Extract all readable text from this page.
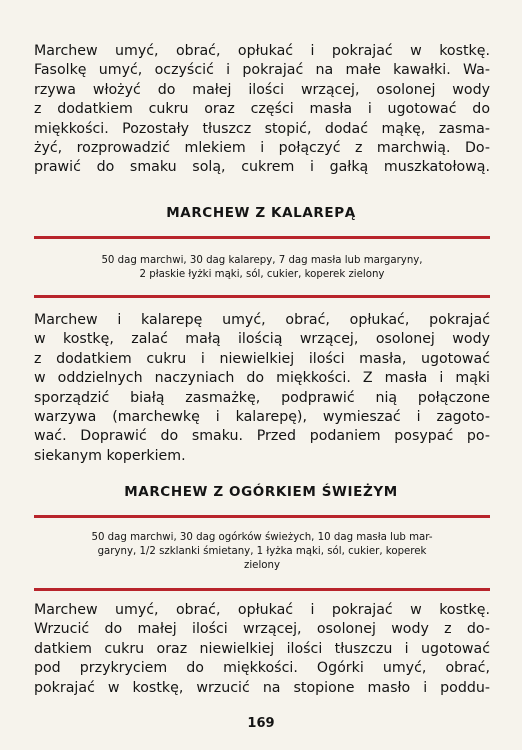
Marchew umyć, obrać, opłukać i pokrajać w kostkę.
Fasolkę umyć, oczyścić i pokrajać na małe kawałki. Wa-
rzywa włożyć do małej ilości wrzącej, osolonej wody
z dodatkiem cukru oraz części masła i ugotować do
miękkości. Pozostały tłuszcz stopić, dodać mąkę, zasma-
żyć, rozprowadzić mlekiem i połączyć z marchwią. Do-
prawić do smaku solą, cukrem i gałką muszkatołową.
MARCHEW Z KALAREPĄ
50 dag marchwi, 30 dag kalarepy, 7 dag masła lub margaryny,
2 płaskie łyżki mąki, sól, cukier, koperek zielony
Marchew i kalarepę umyć, obrać, opłukać, pokrajać
w kostkę, zalać małą ilością wrzącej, osolonej wody
z dodatkiem cukru i niewielkiej ilości masła, ugotować
w oddzielnych naczyniach do miękkości. Z masła i mąki
sporządzić białą zasmażkę, podprawić nią połączone
warzywa (marchewkę i kalarepę), wymieszać i zagoto-
wać. Doprawić do smaku. Przed podaniem posypać po-
siekanym koperkiem.
MARCHEW Z OGÓRKIEM ŚWIEŻYM
50 dag marchwi, 30 dag ogórków świeżych, 10 dag masła lub mar-
garyny, 1/2 szklanki śmietany, 1 łyżka mąki, sól, cukier, koperek
zielony
Marchew umyć, obrać, opłukać i pokrajać w kostkę.
Wrzucić do małej ilości wrzącej, osolonej wody z do-
datkiem cukru oraz niewielkiej ilości tłuszczu i ugotować
pod przykryciem do miękkości. Ogórki umyć, obrać,
pokrajać w kostkę, wrzucić na stopione masło i poddu-
169
